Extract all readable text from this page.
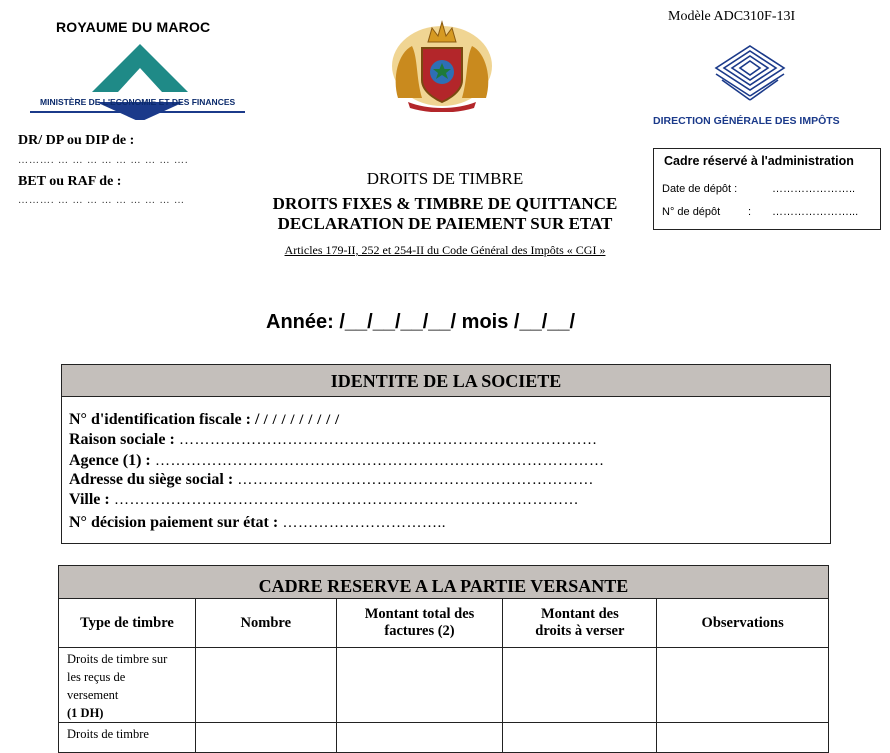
ROYAUME DU MAROC
MINISTÈRE DE L'ECONOMIE ET DES FINANCES
DR/ DP ou DIP de :
………. … … … … … … … … ….
BET ou RAF de :
………. … … … … … … … … …
Modèle ADC310F-13I
DIRECTION GÉNÉRALE DES IMPÔTS
Cadre réservé à l'administration
Date de dépôt :	…………………..
N° de dépôt	: …………………...
DROITS DE TIMBRE
DROITS FIXES & TIMBRE DE QUITTANCE
DECLARATION DE PAIEMENT SUR ETAT
Articles 179-II, 252 et 254-II du Code Général des Impôts « CGI »
Année: /__/__/__/__/ mois /__/__/
IDENTITE DE LA SOCIETE
N° d'identification fiscale : / / / / / / / / / /
Raison sociale : ………………………………………………………………………
Agence (1) : ……………………………………………………………………………
Adresse du siège social : ……………………………………………………………
Ville : ………………………………………………………………………………
N° décision paiement sur état : …………………………..
CADRE RESERVE A LA PARTIE VERSANTE
Type de timbre	Nombre	Montant total des factures (2)	Montant des droits à verser	Observations

Droits de timbre sur les reçus de versement
(1 DH)				

Droits de timbre				
